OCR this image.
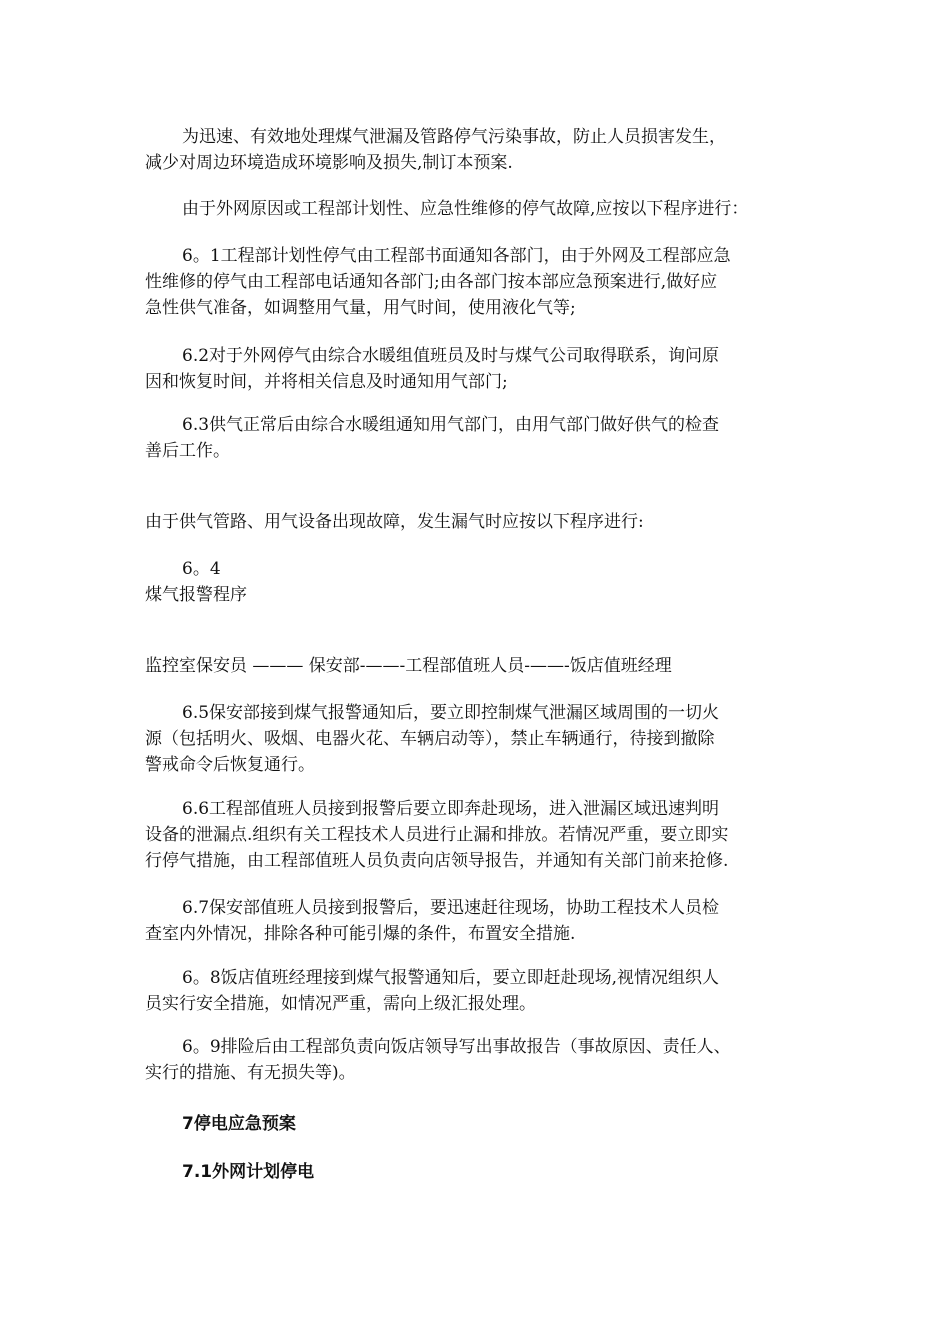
为迅速、有效地处理煤气泄漏及管路停气污染事故，防止人员损害发生，
减少对周边环境造成环境影响及损失,制订本预案.
由于外网原因或工程部计划性、应急性维修的停气故障,应按以下程序进行：
6。1工程部计划性停气由工程部书面通知各部门，由于外网及工程部应急
性维修的停气由工程部电话通知各部门;由各部门按本部应急预案进行,做好应
急性供气准备，如调整用气量，用气时间，使用液化气等;
6.2对于外网停气由综合水暖组值班员及时与煤气公司取得联系，询问原
因和恢复时间，并将相关信息及时通知用气部门;
6.3供气正常后由综合水暖组通知用气部门，由用气部门做好供气的检查
善后工作。
由于供气管路、用气设备出现故障，发生漏气时应按以下程序进行:
6。4
煤气报警程序
监控室保安员 ——— 保安部-——-工程部值班人员-——-饭店值班经理
6.5保安部接到煤气报警通知后，要立即控制煤气泄漏区域周围的一切火
源（包括明火、吸烟、电器火花、车辆启动等），禁止车辆通行，待接到撤除
警戒命令后恢复通行。
6.6工程部值班人员接到报警后要立即奔赴现场，进入泄漏区域迅速判明
设备的泄漏点.组织有关工程技术人员进行止漏和排放。若情况严重，要立即实
行停气措施，由工程部值班人员负责向店领导报告，并通知有关部门前来抢修.
6.7保安部值班人员接到报警后，要迅速赶往现场，协助工程技术人员检
查室内外情况，排除各种可能引爆的条件，布置安全措施.
6。8饭店值班经理接到煤气报警通知后，要立即赶赴现场,视情况组织人
员实行安全措施，如情况严重，需向上级汇报处理。
6。9排险后由工程部负责向饭店领导写出事故报告（事故原因、责任人、
实行的措施、有无损失等)。
7停电应急预案
7.1外网计划停电
